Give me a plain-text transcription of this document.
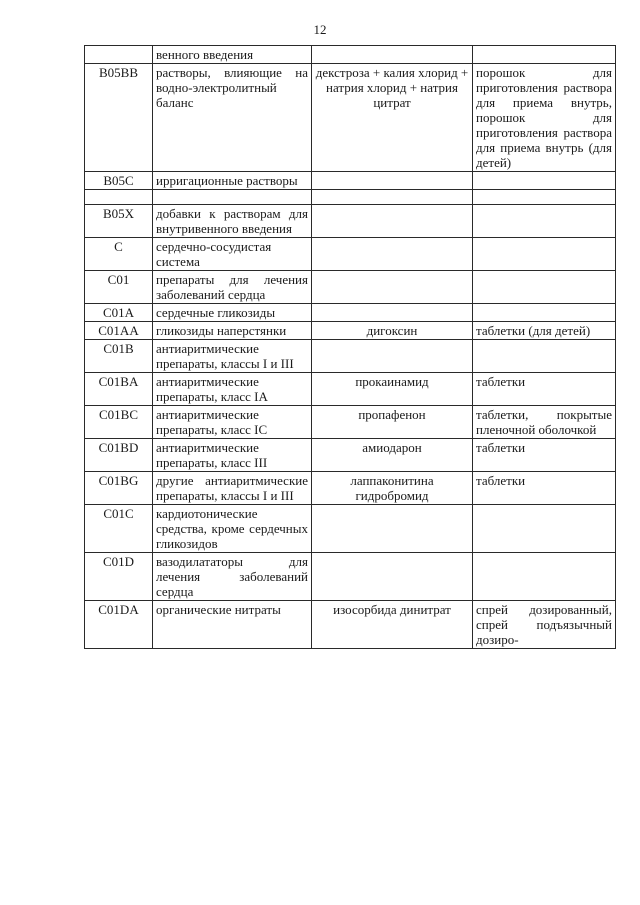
12
	венного введения		
B05BB	растворы, влияющие на водно-электролитный баланс	декстроза + калия хлорид + натрия хлорид + натрия цитрат	порошок для приготовления раствора для приема внутрь, порошок для приготовления раствора для приема внутрь (для детей)
B05C	ирригационные растворы		

B05X	добавки к растворам для внутривенного введения		
C	сердечно-сосудистая система		
C01	препараты для лечения заболеваний сердца		
C01A	сердечные гликозиды		
C01AA	гликозиды наперстянки	дигоксин	таблетки (для детей)
C01B	антиаритмические препараты, классы I и III		
C01BA	антиаритмические препараты, класс IA	прокаинамид	таблетки
C01BC	антиаритмические препараты, класс IC	пропафенон	таблетки, покрытые пленочной оболочкой
C01BD	антиаритмические препараты, класс III	амиодарон	таблетки
C01BG	другие антиаритмические препараты, классы I и III	лаппаконитина гидробромид	таблетки
C01C	кардиотонические средства, кроме сердечных гликозидов		
C01D	вазодилататоры для лечения заболеваний сердца		
C01DA	органические нитраты	изосорбида динитрат	спрей дозированный, спрей подъязычный дозиро-
